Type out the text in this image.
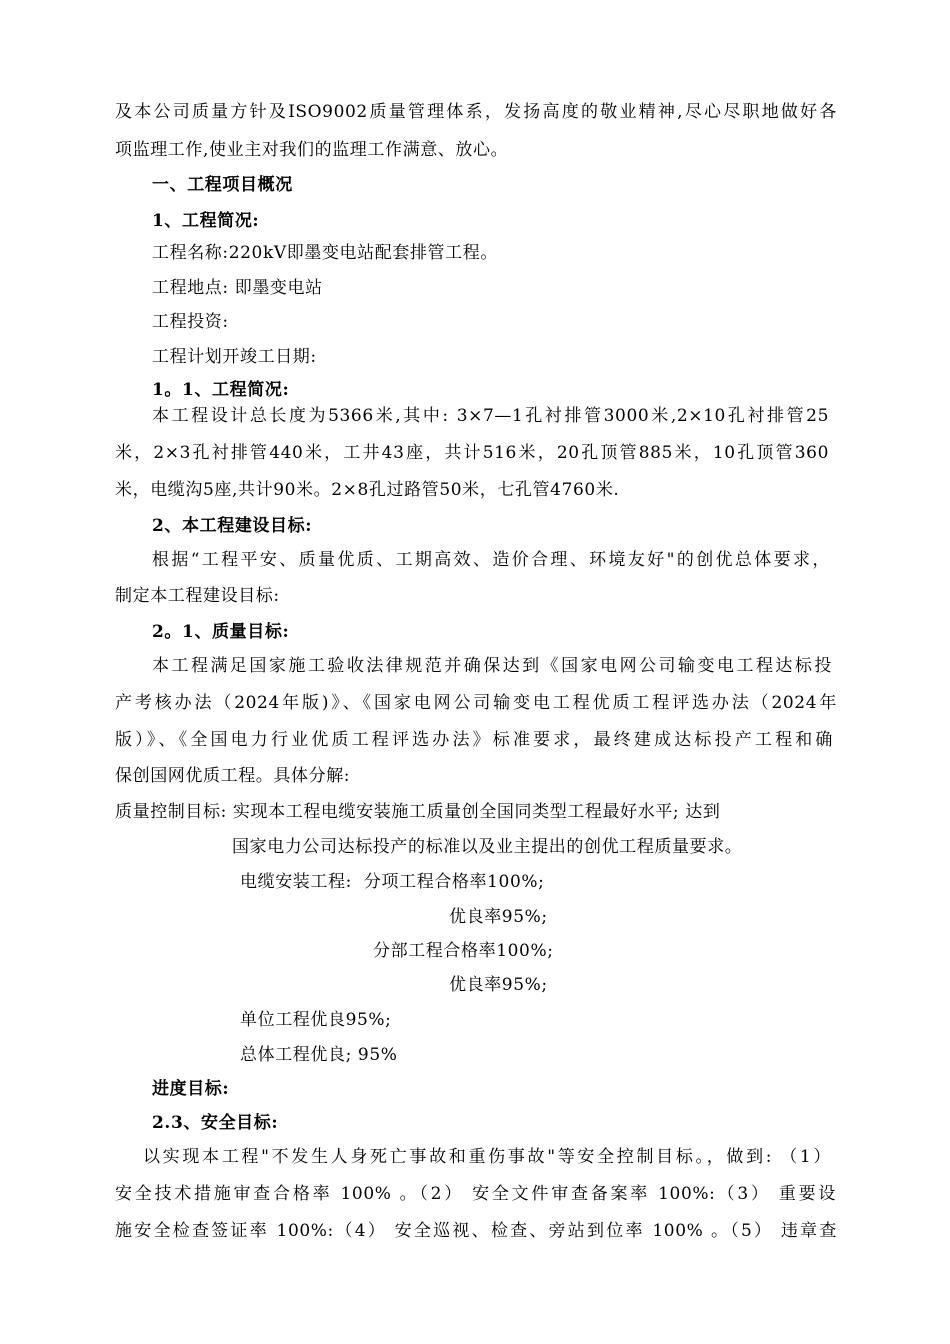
及本公司质量方针及ISO9002质量管理体系，发扬高度的敬业精神,尽心尽职地做好各
项监理工作,使业主对我们的监理工作满意、放心。
一、工程项目概况
1、工程简况:
工程名称:220kV即墨变电站配套排管工程。
工程地点: 即墨变电站
工程投资:
工程计划开竣工日期:
1。1、工程简况:
本工程设计总长度为5366米,其中: 3×7—1孔衬排管3000米,2×10孔衬排管25
米，2×3孔衬排管440米，工井43座，共计516米，20孔顶管885米，10孔顶管360
米，电缆沟5座,共计90米。2×8孔过路管50米，七孔管4760米.
2、本工程建设目标:
根据“工程平安、质量优质、工期高效、造价合理、环境友好"的创优总体要求，
制定本工程建设目标:
2。1、质量目标:
本工程满足国家施工验收法律规范并确保达到《国家电网公司输变电工程达标投
产考核办法（2024年版)》、《国家电网公司输变电工程优质工程评选办法（2024年
版）》、《全国电力行业优质工程评选办法》标准要求，最终建成达标投产工程和确
保创国网优质工程。具体分解:
质量控制目标: 实现本工程电缆安装施工质量创全国同类型工程最好水平; 达到
国家电力公司达标投产的标准以及业主提出的创优工程质量要求。
电缆安装工程:  分项工程合格率100%;
优良率95%;
分部工程合格率100%;
优良率95%;
单位工程优良95%;
总体工程优良; 95%
进度目标:
2.3、安全目标:
以实现本工程"不发生人身死亡事故和重伤事故"等安全控制目标。，做到: （1）
安全技术措施审查合格率 100% 。（2） 安全文件审查备案率 100%:（3） 重要设
施安全检查签证率 100%:（4） 安全巡视、检查、旁站到位率 100% 。（5） 违章查
